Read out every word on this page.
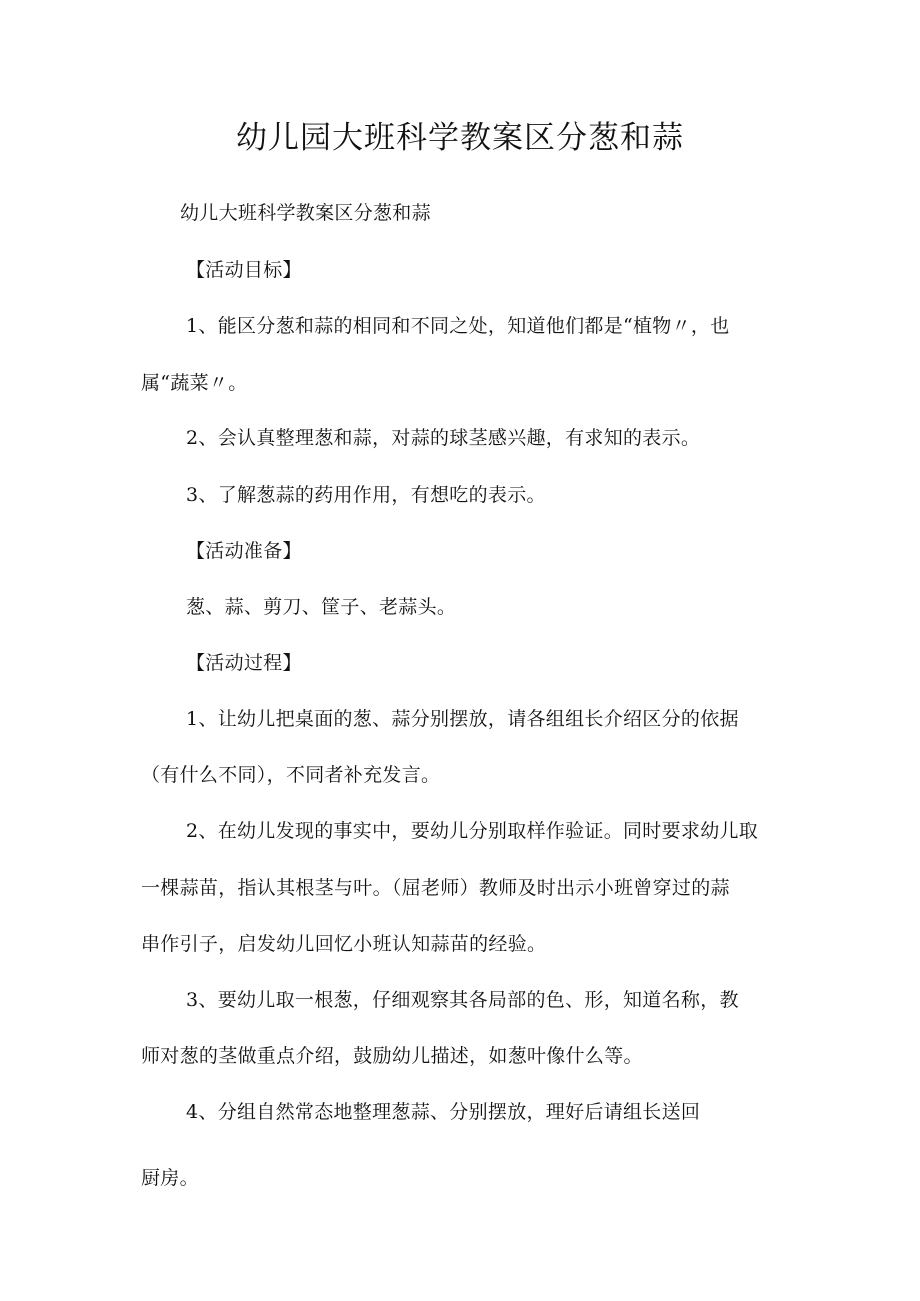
幼儿园大班科学教案区分葱和蒜
幼儿大班科学教案区分葱和蒜
【活动目标】
1、能区分葱和蒜的相同和不同之处，知道他们都是“植物〃，也
属“蔬菜〃。
2、会认真整理葱和蒜，对蒜的球茎感兴趣，有求知的表示。
3、了解葱蒜的药用作用，有想吃的表示。
【活动准备】
葱、蒜、剪刀、筐子、老蒜头。
【活动过程】
1、让幼儿把桌面的葱、蒜分别摆放，请各组组长介绍区分的依据
（有什么不同），不同者补充发言。
2、在幼儿发现的事实中，要幼儿分别取样作验证。同时要求幼儿取
一棵蒜苗，指认其根茎与叶。（屈老师）教师及时出示小班曾穿过的蒜
串作引子，启发幼儿回忆小班认知蒜苗的经验。
3、要幼儿取一根葱，仔细观察其各局部的色、形，知道名称，教
师对葱的茎做重点介绍，鼓励幼儿描述，如葱叶像什么等。
4、分组自然常态地整理葱蒜、分别摆放，理好后请组长送回
厨房。
